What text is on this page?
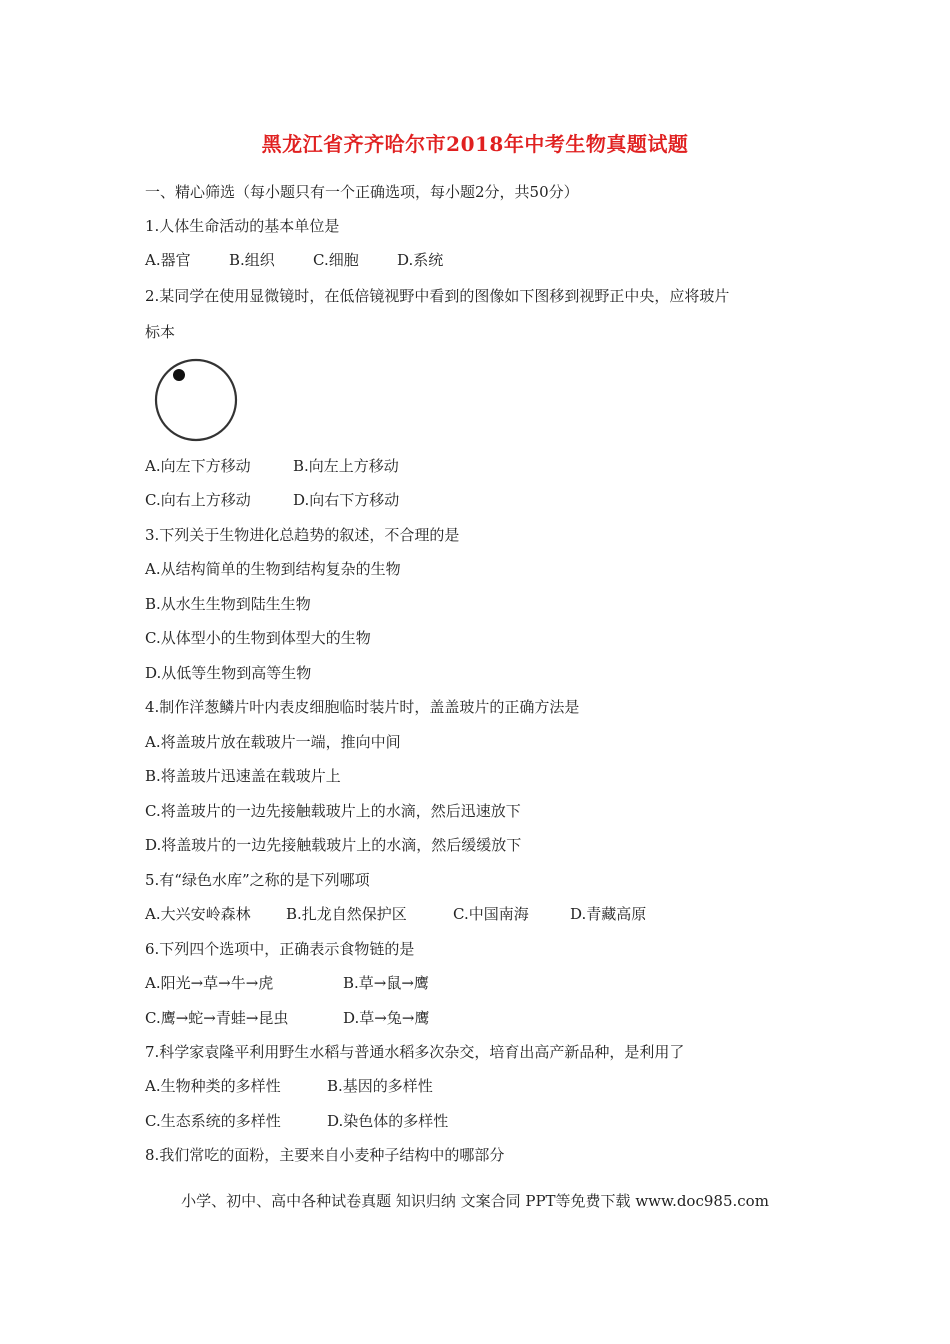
黑龙江省齐齐哈尔市2018年中考生物真题试题
一、精心筛选（每小题只有一个正确选项，每小题2分，共50分）
1.人体生命活动的基本单位是
A.器官	B.组织	C.细胞	D.系统
2.某同学在使用显微镜时，在低倍镜视野中看到的图像如下图移到视野正中央，应将玻片
标本
A.向左下方移动	B.向左上方移动
C.向右上方移动	D.向右下方移动
3.下列关于生物进化总趋势的叙述，不合理的是
A.从结构简单的生物到结构复杂的生物
B.从水生生物到陆生生物
C.从体型小的生物到体型大的生物
D.从低等生物到高等生物
4.制作洋葱鳞片叶内表皮细胞临时装片时，盖盖玻片的正确方法是
A.将盖玻片放在载玻片一端，推向中间
B.将盖玻片迅速盖在载玻片上
C.将盖玻片的一边先接触载玻片上的水滴，然后迅速放下
D.将盖玻片的一边先接触载玻片上的水滴，然后缓缓放下
5.有“绿色水库”之称的是下列哪项
A.大兴安岭森林 B.扎龙自然保护区	C.中国南海	D.青藏高原
6.下列四个选项中，正确表示食物链的是
A.阳光→草→牛→虎	B.草→鼠→鹰
C.鹰→蛇→青蛙→昆虫	D.草→兔→鹰
7.科学家袁隆平利用野生水稻与普通水稻多次杂交，培育出高产新品种，是利用了
A.生物种类的多样性	B.基因的多样性
C.生态系统的多样性	D.染色体的多样性
8.我们常吃的面粉，主要来自小麦种子结构中的哪部分
小学、初中、高中各种试卷真题 知识归纳 文案合同 PPT等免费下载 www.doc985.com
